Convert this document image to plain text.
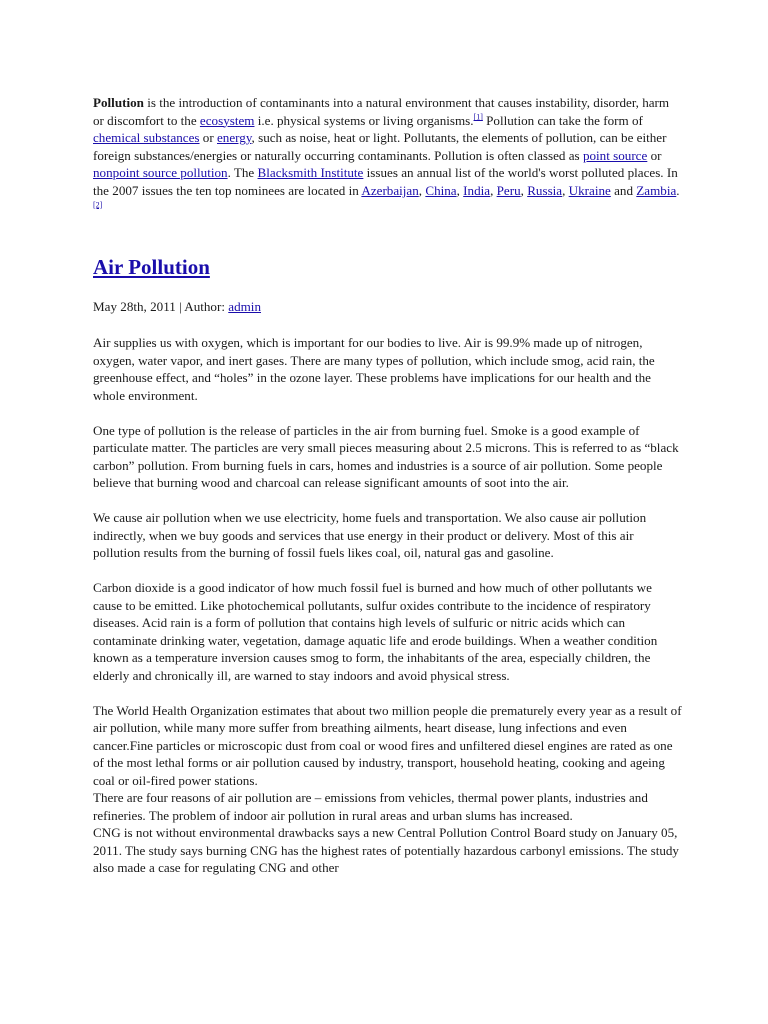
Pollution is the introduction of contaminants into a natural environment that causes instability, disorder, harm or discomfort to the ecosystem i.e. physical systems or living organisms.[1] Pollution can take the form of chemical substances or energy, such as noise, heat or light. Pollutants, the elements of pollution, can be either foreign substances/energies or naturally occurring contaminants. Pollution is often classed as point source or nonpoint source pollution. The Blacksmith Institute issues an annual list of the world's worst polluted places. In the 2007 issues the ten top nominees are located in Azerbaijan, China, India, Peru, Russia, Ukraine and Zambia.[2]
Air Pollution
May 28th, 2011 | Author: admin

Air supplies us with oxygen, which is important for our bodies to live. Air is 99.9% made up of nitrogen, oxygen, water vapor, and inert gases. There are many types of pollution, which include smog, acid rain, the greenhouse effect, and “holes” in the ozone layer. These problems have implications for our health and the whole environment.

One type of pollution is the release of particles in the air from burning fuel. Smoke is a good example of particulate matter. The particles are very small pieces measuring about 2.5 microns. This is referred to as “black carbon” pollution. From burning fuels in cars, homes and industries is a source of air pollution. Some people believe that burning wood and charcoal can release significant amounts of soot into the air.

We cause air pollution when we use electricity, home fuels and transportation. We also cause air pollution indirectly, when we buy goods and services that use energy in their product or delivery. Most of this air pollution results from the burning of fossil fuels likes coal, oil, natural gas and gasoline.

Carbon dioxide is a good indicator of how much fossil fuel is burned and how much of other pollutants we cause to be emitted. Like photochemical pollutants, sulfur oxides contribute to the incidence of respiratory diseases. Acid rain is a form of pollution that contains high levels of sulfuric or nitric acids which can contaminate drinking water, vegetation, damage aquatic life and erode buildings. When a weather condition known as a temperature inversion causes smog to form, the inhabitants of the area, especially children, the elderly and chronically ill, are warned to stay indoors and avoid physical stress.

The World Health Organization estimates that about two million people die prematurely every year as a result of air pollution, while many more suffer from breathing ailments, heart disease, lung infections and even cancer.Fine particles or microscopic dust from coal or wood fires and unfiltered diesel engines are rated as one of the most lethal forms or air pollution caused by industry, transport, household heating, cooking and ageing coal or oil-fired power stations.

There are four reasons of air pollution are – emissions from vehicles, thermal power plants, industries and refineries. The problem of indoor air pollution in rural areas and urban slums has increased.

CNG is not without environmental drawbacks says a new Central Pollution Control Board study on January 05, 2011. The study says burning CNG has the highest rates of potentially hazardous carbonyl emissions. The study also made a case for regulating CNG and other
